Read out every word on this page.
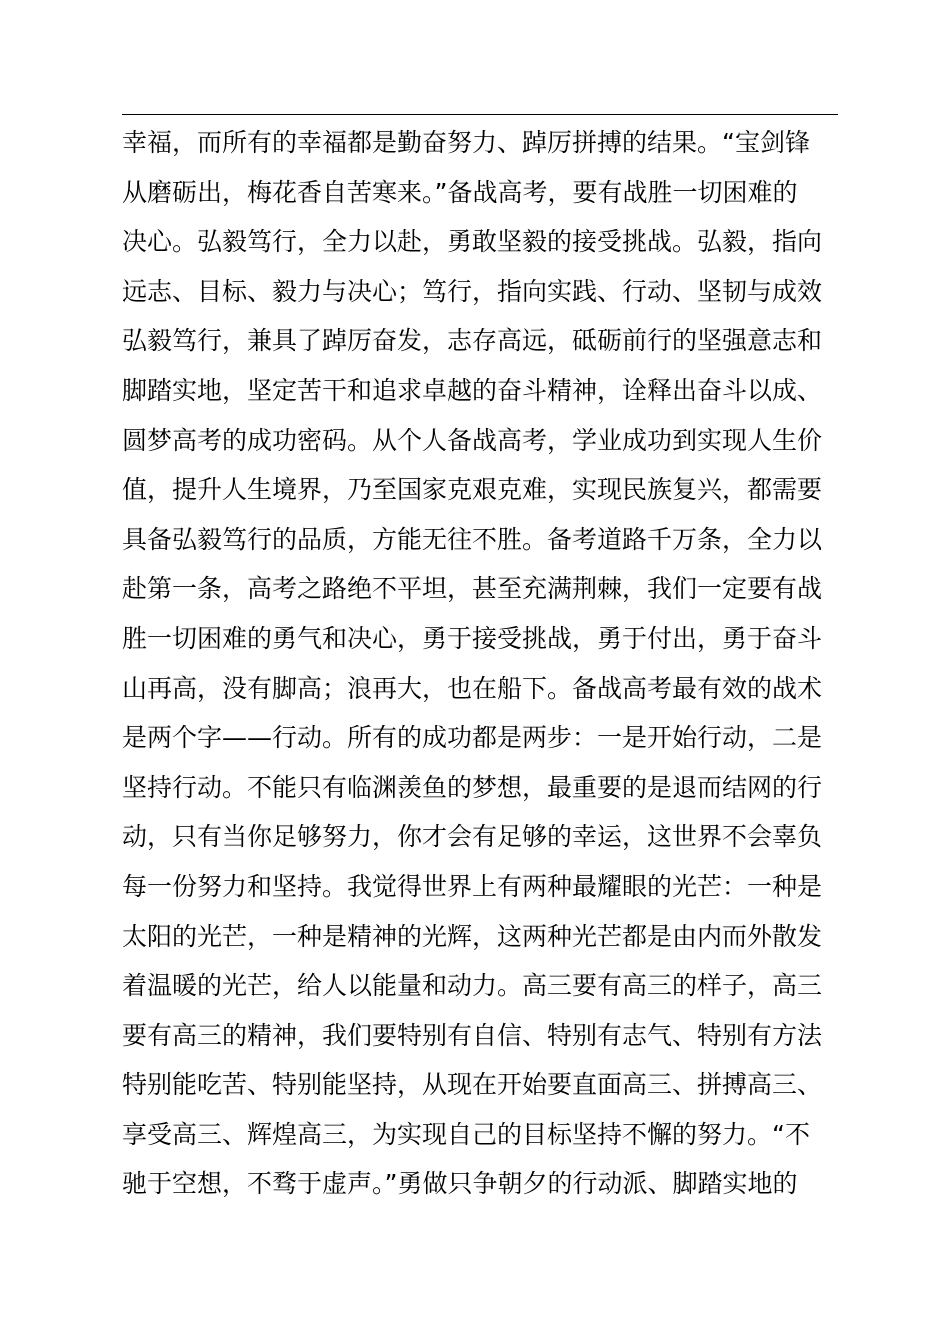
幸福，而所有的幸福都是勤奋努力、踔厉拼搏的结果。“宝剑锋
从磨砺出，梅花香自苦寒来。”备战高考，要有战胜一切困难的
决心。弘毅笃行，全力以赴，勇敢坚毅的接受挑战。弘毅，指向
远志、目标、毅力与决心；笃行，指向实践、行动、坚韧与成效
弘毅笃行，兼具了踔厉奋发，志存高远，砥砺前行的坚强意志和
脚踏实地，坚定苦干和追求卓越的奋斗精神，诠释出奋斗以成、
圆梦高考的成功密码。从个人备战高考，学业成功到实现人生价
值，提升人生境界，乃至国家克艰克难，实现民族复兴，都需要
具备弘毅笃行的品质，方能无往不胜。备考道路千万条，全力以
赴第一条，高考之路绝不平坦，甚至充满荆棘，我们一定要有战
胜一切困难的勇气和决心，勇于接受挑战，勇于付出，勇于奋斗
山再高，没有脚高；浪再大，也在船下。备战高考最有效的战术
是两个字——行动。所有的成功都是两步：一是开始行动，二是
坚持行动。不能只有临渊羡鱼的梦想，最重要的是退而结网的行
动，只有当你足够努力，你才会有足够的幸运，这世界不会辜负
每一份努力和坚持。我觉得世界上有两种最耀眼的光芒：一种是
太阳的光芒，一种是精神的光辉，这两种光芒都是由内而外散发
着温暖的光芒，给人以能量和动力。高三要有高三的样子，高三
要有高三的精神，我们要特别有自信、特别有志气、特别有方法
特别能吃苦、特别能坚持，从现在开始要直面高三、拼搏高三、
享受高三、辉煌高三，为实现自己的目标坚持不懈的努力。“不
驰于空想，不骛于虚声。”勇做只争朝夕的行动派、脚踏实地的
